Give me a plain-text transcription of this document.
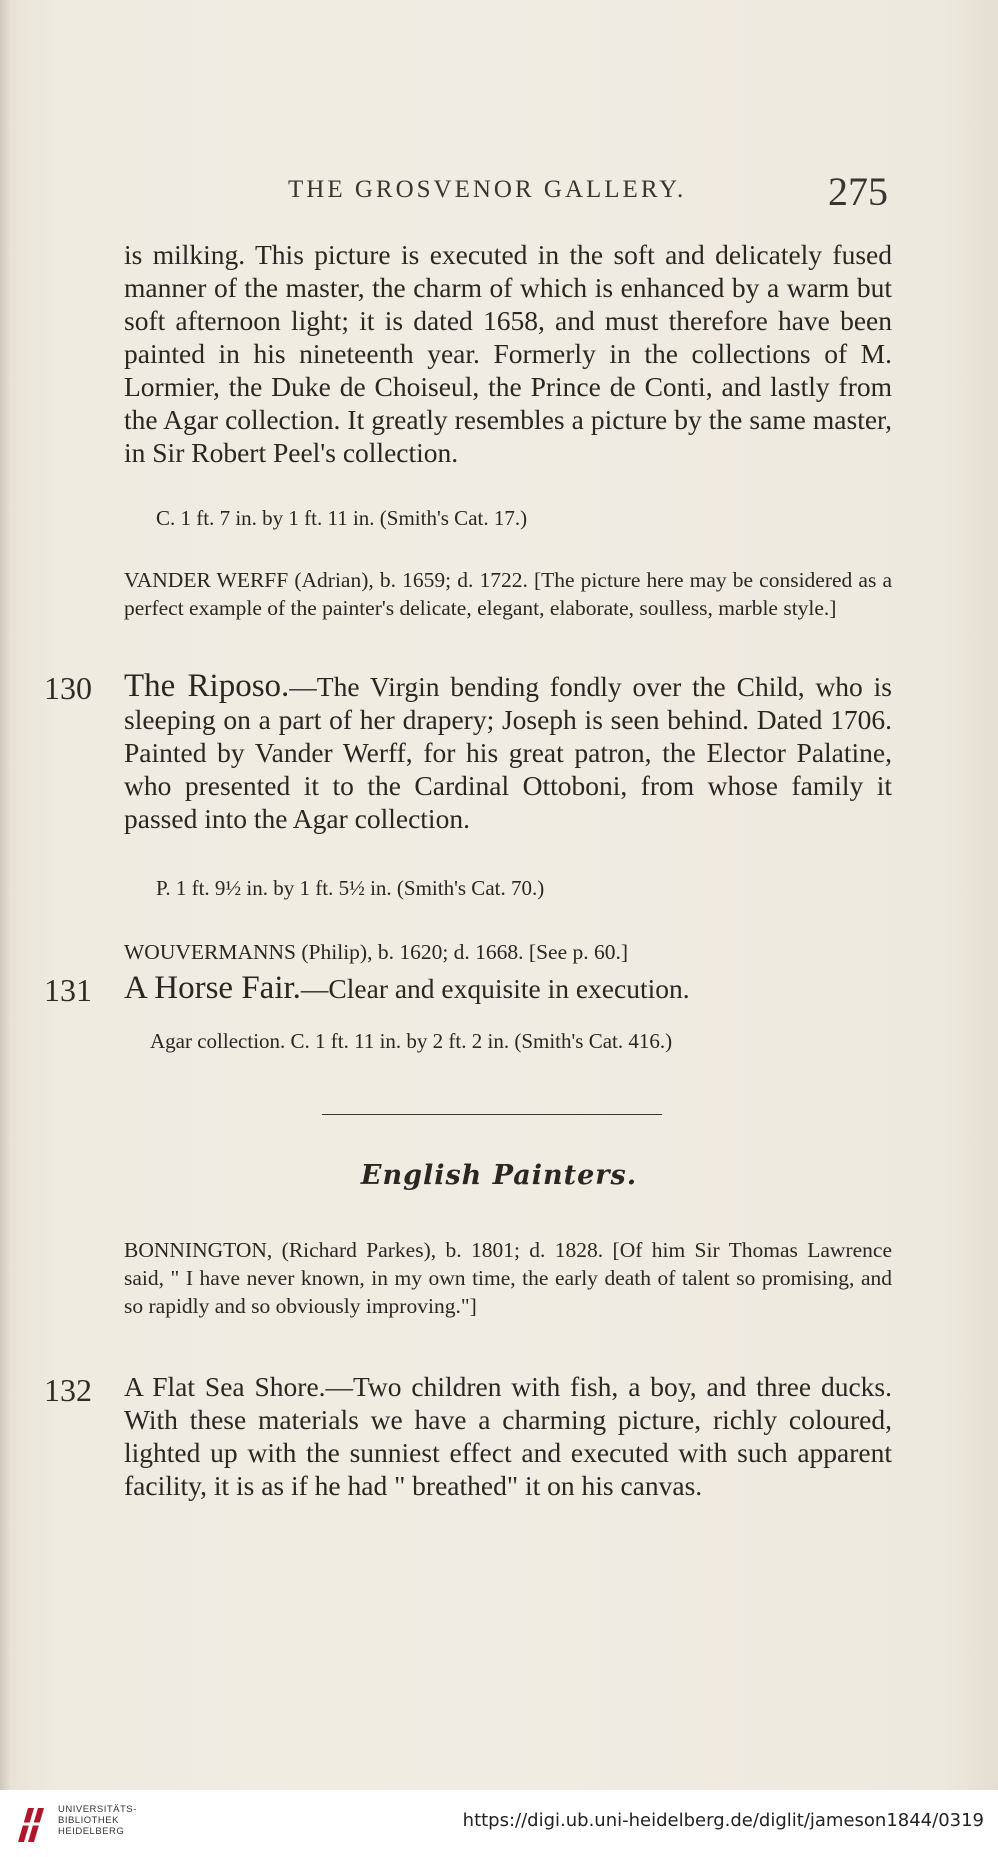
THE GROSVENOR GALLERY.	275
is milking. This picture is executed in the soft and delicately fused manner of the master, the charm of which is enhanced by a warm but soft afternoon light; it is dated 1658, and must therefore have been painted in his nineteenth year. Formerly in the collections of M. Lormier, the Duke de Choiseul, the Prince de Conti, and lastly from the Agar collection. It greatly resembles a picture by the same master, in Sir Robert Peel's collection.
C. 1 ft. 7 in. by 1 ft. 11 in. (Smith's Cat. 17.)
VANDER WERFF (Adrian), b. 1659; d. 1722. [The picture here may be considered as a perfect example of the painter's delicate, elegant, elaborate, soulless, marble style.]
130 The Riposo.—The Virgin bending fondly over the Child, who is sleeping on a part of her drapery; Joseph is seen behind. Dated 1706. Painted by Vander Werff, for his great patron, the Elector Palatine, who presented it to the Cardinal Ottoboni, from whose family it passed into the Agar collection.
P. 1 ft. 9½ in. by 1 ft. 5½ in. (Smith's Cat. 70.)
WOUVERMANNS (Philip), b. 1620; d. 1668. [See p. 60.]
131 A Horse Fair.—Clear and exquisite in execution.
Agar collection. C. 1 ft. 11 in. by 2 ft. 2 in. (Smith's Cat. 416.)
English Painters.
BONNINGTON, (Richard Parkes), b. 1801; d. 1828. [Of him Sir Thomas Lawrence said, " I have never known, in my own time, the early death of talent so promising, and so rapidly and so obviously improving."]
132 A Flat Sea Shore.—Two children with fish, a boy, and three ducks. With these materials we have a charming picture, richly coloured, lighted up with the sunniest effect and executed with such apparent facility, it is as if he had " breathed" it on his canvas.
UNIVERSITÄTS-
BIBLIOTHEK
HEIDELBERG
https://digi.ub.uni-heidelberg.de/diglit/jameson1844/0319
